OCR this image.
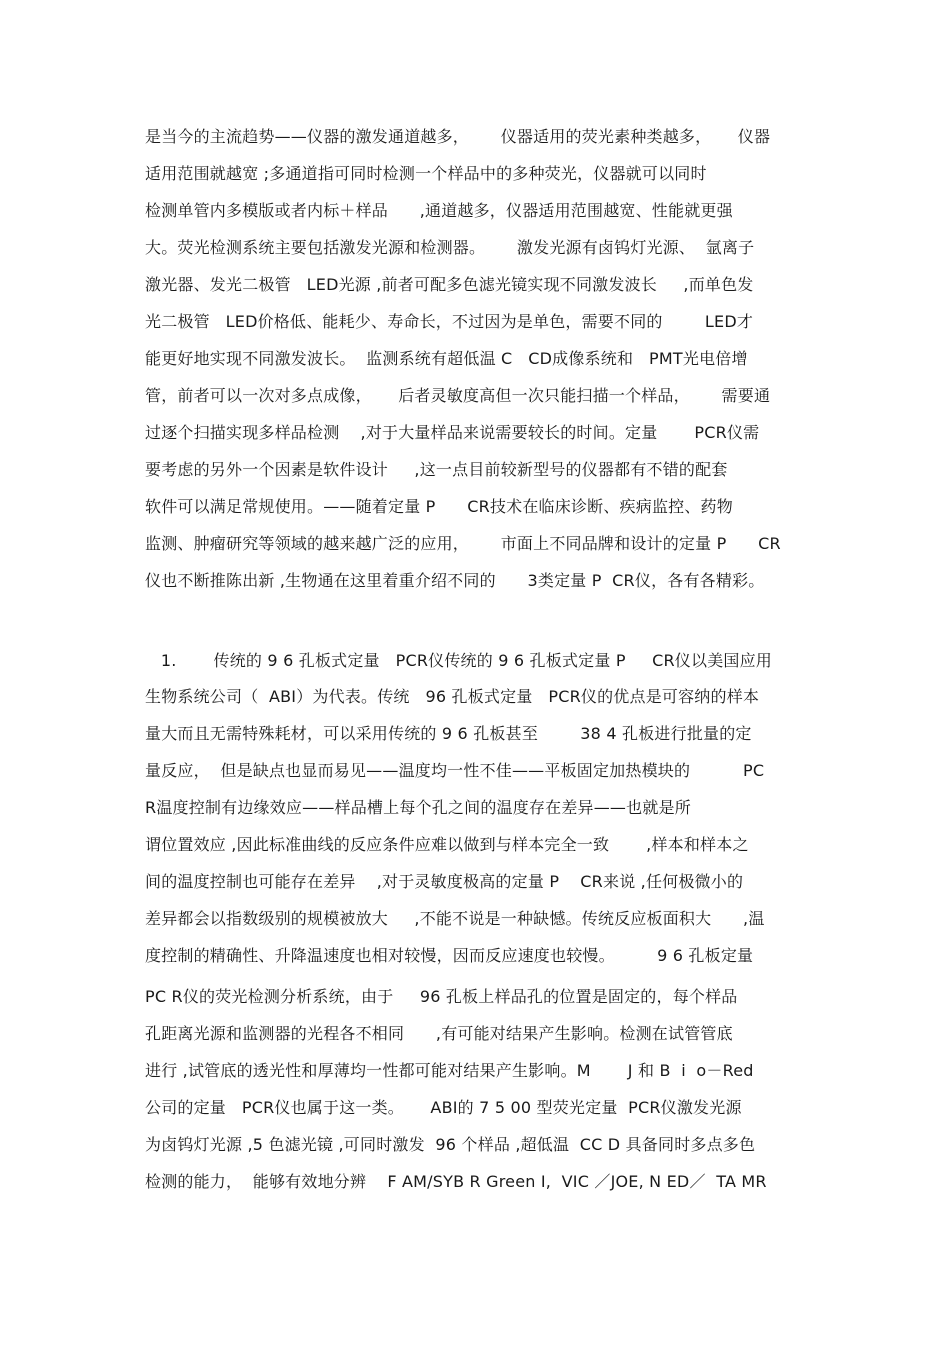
是当今的主流趋势——仪器的激发通道越多，      仪器适用的荧光素种类越多，     仪器
适用范围就越宽 ;多通道指可同时检测一个样品中的多种荧光，仪器就可以同时
检测单管内多模版或者内标＋样品      ,通道越多，仪器适用范围越宽、性能就更强
大。荧光检测系统主要包括激发光源和检测器。      激发光源有卤钨灯光源、  氩离子
激光器、发光二极管   LED光源 ,前者可配多色滤光镜实现不同激发波长     ,而单色发
光二极管   LED价格低、能耗少、寿命长，不过因为是单色，需要不同的        LED才
能更好地实现不同激发波长。  监测系统有超低温 C   CD成像系统和   PMT光电倍增
管，前者可以一次对多点成像，     后者灵敏度高但一次只能扫描一个样品，      需要通
过逐个扫描实现多样品检测    ,对于大量样品来说需要较长的时间。定量       PCR仪需
要考虑的另外一个因素是软件设计     ,这一点目前较新型号的仪器都有不错的配套
软件可以满足常规使用。——随着定量 P      CR技术在临床诊断、疾病监控、药物
监测、肿瘤研究等领域的越来越广泛的应用，      市面上不同品牌和设计的定量 P      CR
仪也不断推陈出新 ,生物通在这里着重介绍不同的      3类定量 P  CR仪，各有各精彩。
1.       传统的 9 6 孔板式定量   PCR仪传统的 9 6 孔板式定量 P     CR仪以美国应用
生物系统公司（  ABI）为代表。传统   96 孔板式定量   PCR仪的优点是可容纳的样本
量大而且无需特殊耗材，可以采用传统的 9 6 孔板甚至        38 4 孔板进行批量的定
量反应，  但是缺点也显而易见——温度均一性不佳——平板固定加热模块的          PC
R温度控制有边缘效应——样品槽上每个孔之间的温度存在差异——也就是所
谓位置效应 ,因此标准曲线的反应条件应难以做到与样本完全一致       ,样本和样本之
间的温度控制也可能存在差异    ,对于灵敏度极高的定量 P    CR来说 ,任何极微小的
差异都会以指数级别的规模被放大     ,不能不说是一种缺憾。传统反应板面积大      ,温
度控制的精确性、升降温速度也相对较慢，因而反应速度也较慢。        9 6 孔板定量
PC R仪的荧光检测分析系统，由于     96 孔板上样品孔的位置是固定的，每个样品
孔距离光源和监测器的光程各不相同      ,有可能对结果产生影响。检测在试管管底
进行 ,试管底的透光性和厚薄均一性都可能对结果产生影响。M       J 和 B  i  o－Red
公司的定量   PCR仪也属于这一类。     ABI的 7 5 00 型荧光定量  PCR仪激发光源
为卤钨灯光源 ,5 色滤光镜 ,可同时激发  96 个样品 ,超低温  CC D 具备同时多点多色
检测的能力，  能够有效地分辨    F AM/SYB R Green I,  VIC ／JOE, N ED／  TA MR
